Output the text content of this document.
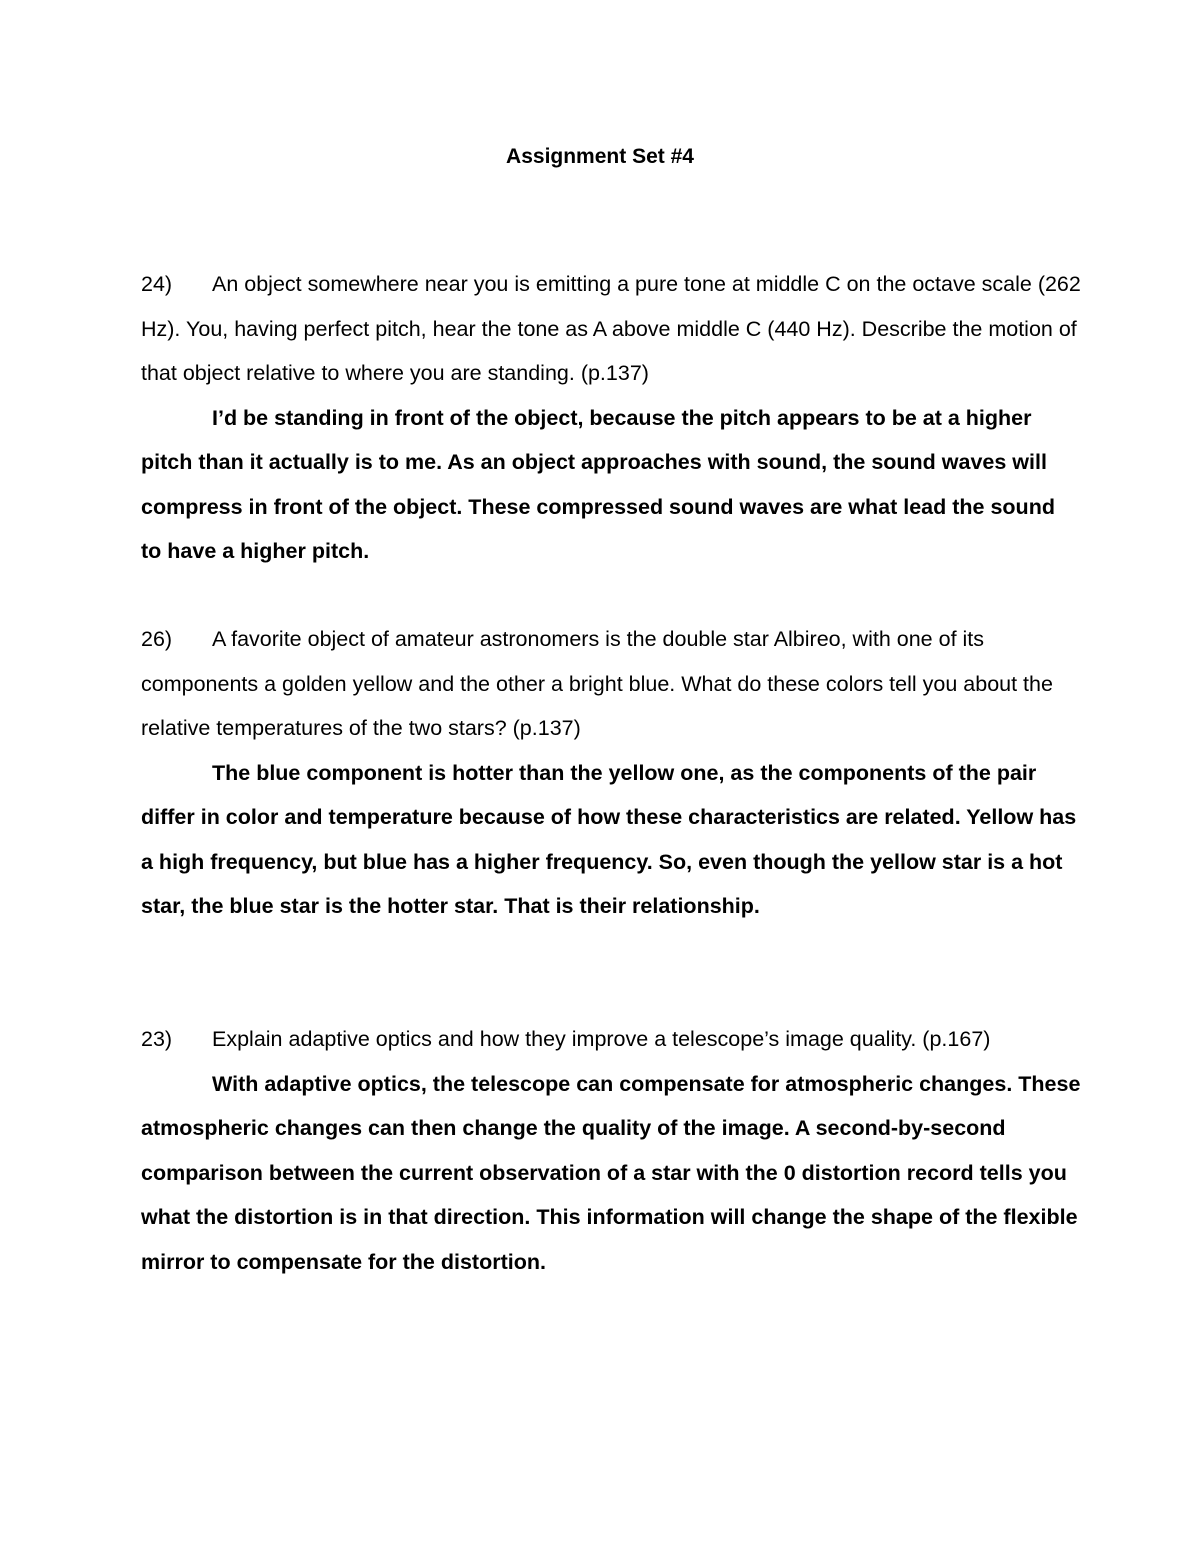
Assignment Set #4

24) An object somewhere near you is emitting a pure tone at middle C on the octave scale (262 Hz). You, having perfect pitch, hear the tone as A above middle C (440 Hz). Describe the motion of that object relative to where you are standing. (p.137)

I’d be standing in front of the object, because the pitch appears to be at a higher pitch than it actually is to me. As an object approaches with sound, the sound waves will compress in front of the object. These compressed sound waves are what lead the sound to have a higher pitch.

26) A favorite object of amateur astronomers is the double star Albireo, with one of its components a golden yellow and the other a bright blue. What do these colors tell you about the relative temperatures of the two stars? (p.137)

The blue component is hotter than the yellow one, as the components of the pair differ in color and temperature because of how these characteristics are related. Yellow has a high frequency, but blue has a higher frequency. So, even though the yellow star is a hot star, the blue star is the hotter star. That is their relationship.

23) Explain adaptive optics and how they improve a telescope’s image quality. (p.167)

With adaptive optics, the telescope can compensate for atmospheric changes. These atmospheric changes can then change the quality of the image. A second-by-second comparison between the current observation of a star with the 0 distortion record tells you what the distortion is in that direction. This information will change the shape of the flexible mirror to compensate for the distortion.
